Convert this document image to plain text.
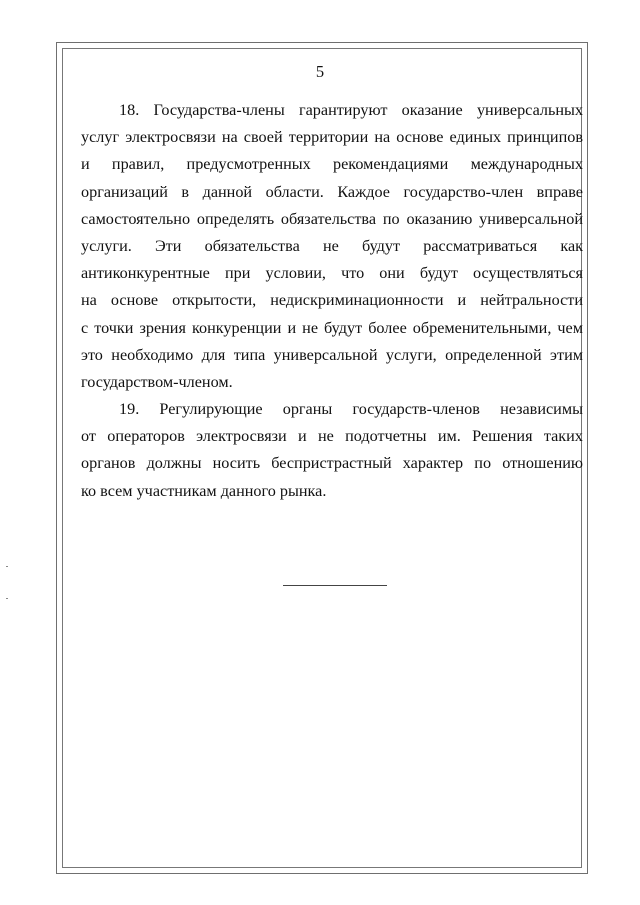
5
18. Государства-члены гарантируют оказание универсальных
услуг электросвязи на своей территории на основе единых принципов
и правил, предусмотренных рекомендациями международных
организаций в данной области. Каждое государство-член вправе
самостоятельно определять обязательства по оказанию универсальной
услуги. Эти обязательства не будут рассматриваться как
антиконкурентные при условии, что они будут осуществляться
на основе открытости, недискриминационности и нейтральности
с точки зрения конкуренции и не будут более обременительными, чем
это необходимо для типа универсальной услуги, определенной этим
государством-членом.
19. Регулирующие органы государств-членов независимы
от операторов электросвязи и не подотчетны им. Решения таких
органов должны носить беспристрастный характер по отношению
ко всем участникам данного рынка.
